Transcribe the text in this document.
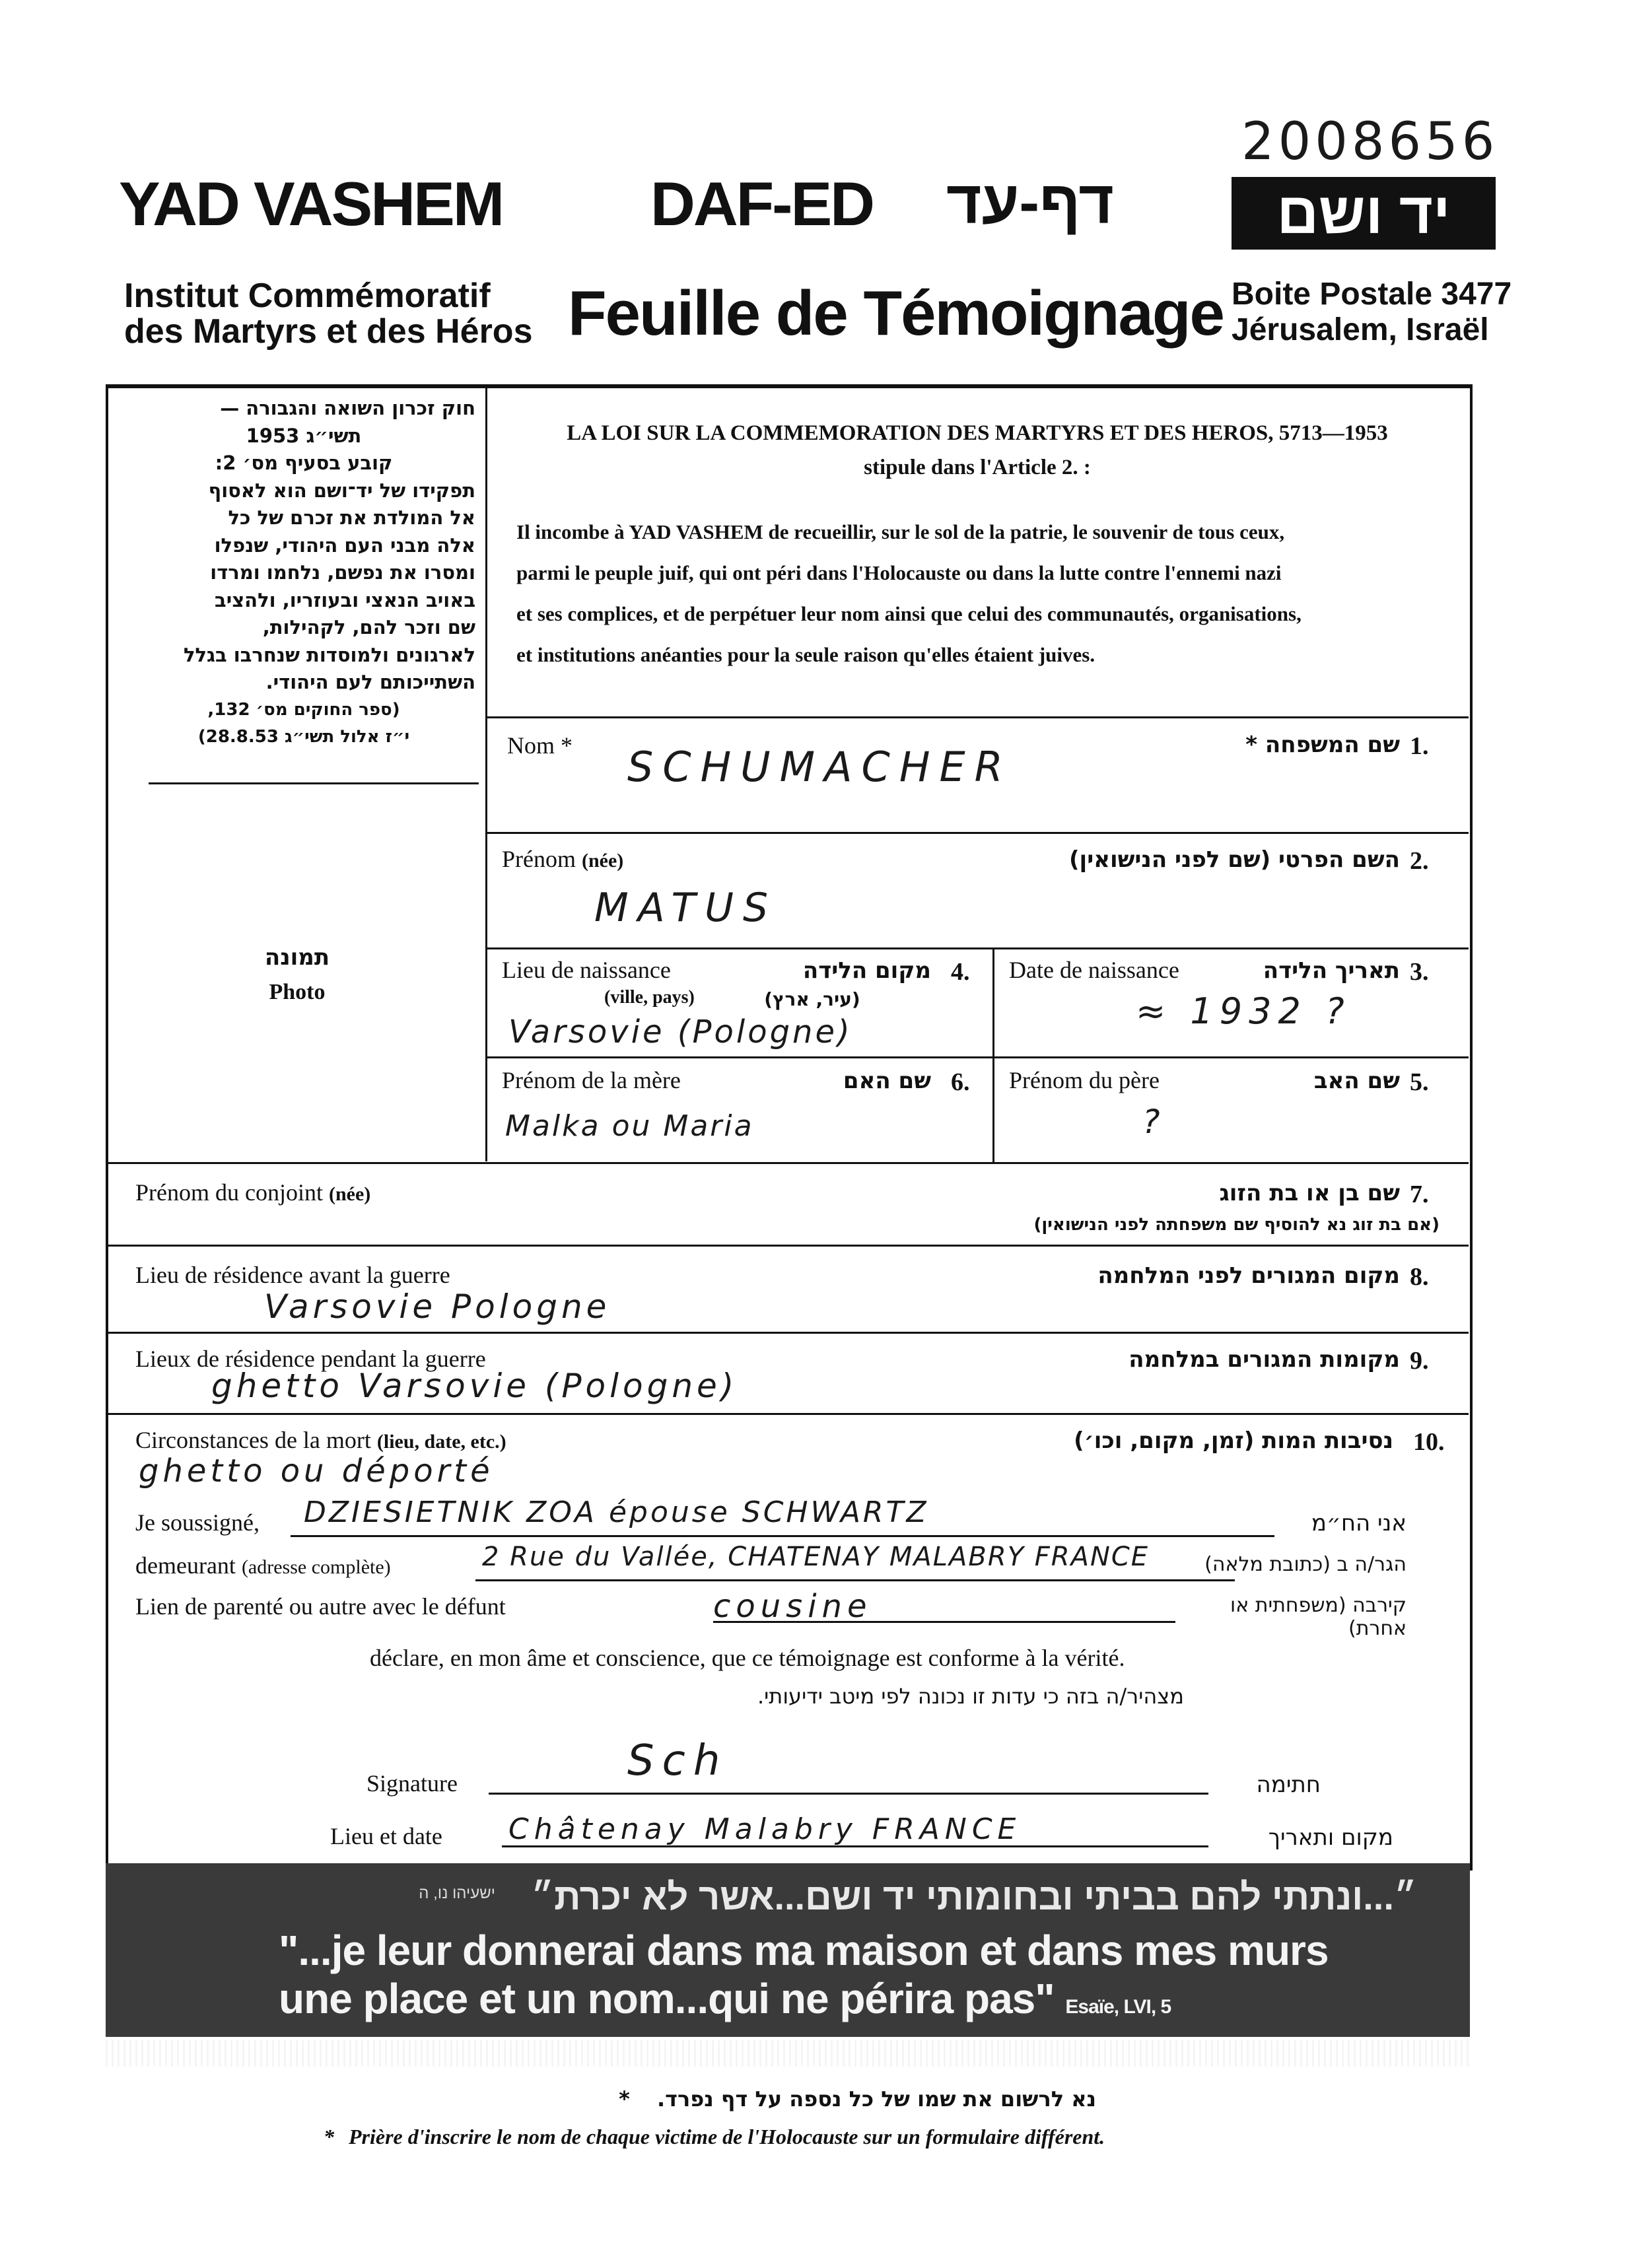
2008656
YAD VASHEM DAF-ED	דף-עד	יד ושם
Institut Commémoratif
des Martyrs et des Héros Feuille de Témoignage Boite Postale 3477
Jérusalem, Israël
חוק זכרון השואה והגבורה —
תשי״ג 1953
קובע בסעיף מס׳ 2:
תפקידו של יד־ושם הוא לאסוף
אל המולדת את זכרם של כל
אלה מבני העם היהודי, שנפלו
ומסרו את נפשם, נלחמו ומרדו
באויב הנאצי ובעוזריו, ולהציב
שם וזכר להם, לקהילות,
לארגונים ולמוסדות שנחרבו בגלל
השתייכותם לעם היהודי.
(ספר החוקים מס׳ 132,
י״ז אלול תשי״ג 28.8.53)
תמונה
Photo
LA LOI SUR LA COMMEMORATION DES MARTYRS ET DES HEROS, 5713—1953
stipule dans l'Article 2. :
Il incombe à YAD VASHEM de recueillir, sur le sol de la patrie, le souvenir de tous ceux,
parmi le peuple juif, qui ont péri dans l'Holocauste ou dans la lutte contre l'ennemi nazi
et ses complices, et de perpétuer leur nom ainsi que celui des communautés, organisations,
et institutions anéanties pour la seule raison qu'elles étaient juives.
Nom *	שם המשפחה * 1.
SCHUMACHER
Prénom (née)	השם הפרטי (שם לפני הנישואין) 2.
MATUS
Lieu de naissance	מקום הלידה 4.
(ville, pays)	(עיר, ארץ)
Varsovie (Pologne)
Date de naissance	תאריך הלידה 3.
≈ 1932 ?
Prénom de la mère	שם האם 6.
Malka ou Maria
Prénom du père	שם האב 5.
?
Prénom du conjoint (née)	שם בן או בת הזוג 7.
(אם בת זוג נא להוסיף שם משפחתה לפני הנישואין)
Lieu de résidence avant la guerre	מקום המגורים לפני המלחמה 8.
Varsovie Pologne
Lieux de résidence pendant la guerre	מקומות המגורים במלחמה 9.
ghetto Varsovie (Pologne)
Circonstances de la mort (lieu, date, etc.)	נסיבות המות (זמן, מקום, וכו׳) 10.
ghetto ou déporté
Je soussigné, DZIESIETNIK ZOA épouse SCHWARTZ	אני הח״מ
demeurant (adresse complète)	2 Rue du Vallée, CHATENAY MALABRY FRANCE	הגר/ה ב (כתובת מלאה)
Lien de parenté ou autre avec le défunt	cousine	קירבה (משפחתית או אחרת)
déclare, en mon âme et conscience, que ce témoignage est conforme à la vérité.
מצהיר/ה בזה כי עדות זו נכונה לפי מיטב ידיעותי.
Signature	Sch	חתימה
Lieu et date Châtenay Malabry FRANCE	מקום ותאריך
״...ונתתי להם בביתי ובחומותי יד ושם...אשר לא יכרת״
ישעיהו נו, ה
"...je leur donnerai dans ma maison et dans mes murs
une place et un nom...qui ne périra pas" Esaïe, LVI, 5
נא לרשום את שמו של כל נספה על דף נפרד. *
* Prière d'inscrire le nom de chaque victime de l'Holocauste sur un formulaire différent.
